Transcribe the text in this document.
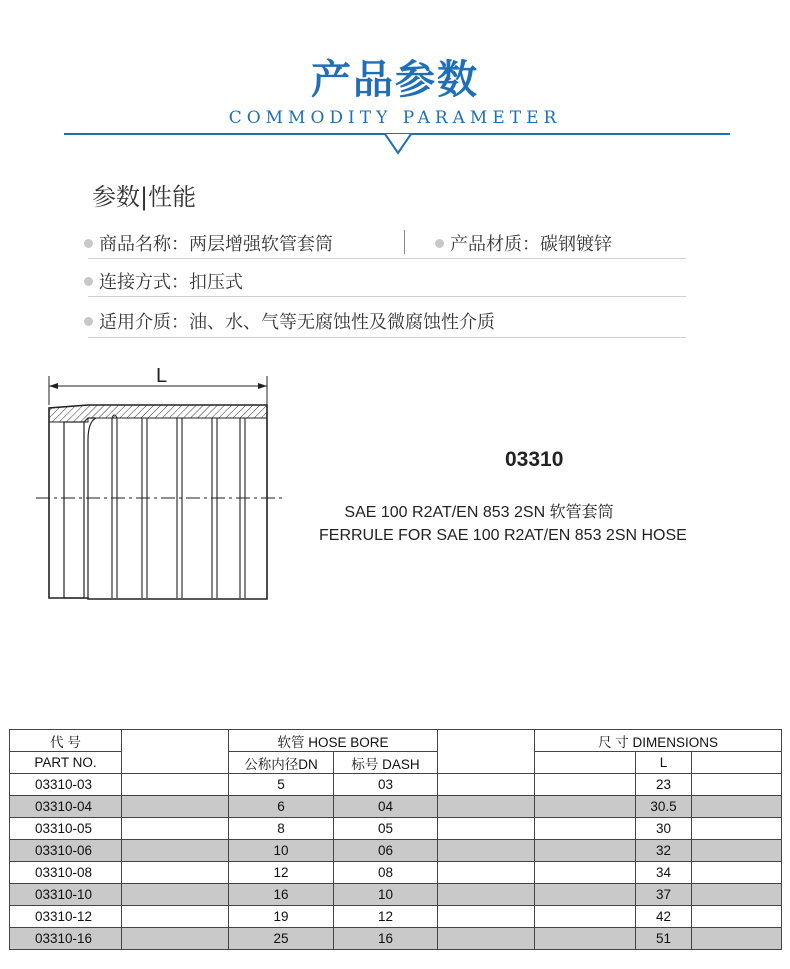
产品参数
COMMODITY PARAMETER
参数|性能
商品名称：两层增强软管套筒	产品材质：碳钢镀锌
连接方式：扣压式
适用介质：油、水、气等无腐蚀性及微腐蚀性介质
L
03310
SAE 100 R2AT/EN 853 2SN 软管套筒
FERRULE FOR SAE 100 R2AT/EN 853 2SN HOSE
代 号		软管 HOSE BORE			尺 寸 DIMENSIONS		
PART NO.		公称内径DN	标号 DASH			L	
03310-03		5	03			23	
03310-04		6	04			30.5	
03310-05		8	05			30	
03310-06		10	06			32	
03310-08		12	08			34	
03310-10		16	10			37	
03310-12		19	12			42	
03310-16		25	16			51	
